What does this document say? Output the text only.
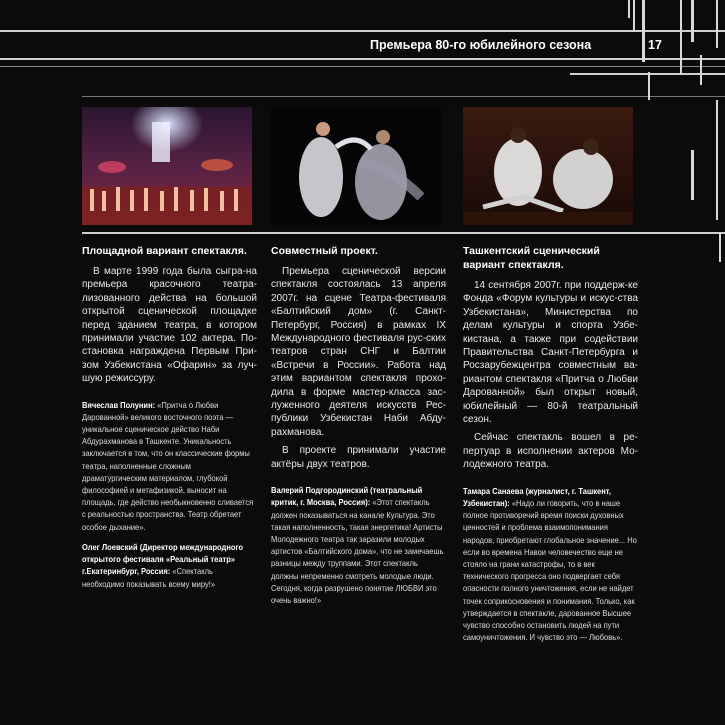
Премьера 80-го юбилейного сезона	17
Площадной вариант спектакля.

В марте 1999 года была сыгра-на премьера красочного театра-лизованного действа на большой открытой сценической площадке перед зданием театра, в котором принимали участие 102 актера. По-становка награждена Первым При-зом Узбекистана «Офарин» за луч-шую режиссуру.

Вячеслав Полунин: «Притча о Любви Дарованной» великого восточного поэта — уникальное сценическое действо Наби Абдурахманова в Ташкенте. Уникальность заключается в том, что он классические формы театра, наполненные сложным драматургическим материалом, глубокой философией и метафизикой, выносит на площадь, где действо необыкновенно сливается с реальностью пространства. Театр обретает особое дыхание».

Олег Лоевский (Директор международного открытого фестиваля «Реальный театр» г.Екатеринбург, Россия: «Спектакль необходимо показывать всему миру!»

Совместный проект.

Премьера сценической версии спектакля состоялась 13 апреля 2007г. на сцене Театра-фестиваля «Балтийский дом» (г. Санкт-Петербург, Россия) в рамках IX Международного фестиваля рус-ских театров стран СНГ и Балтии «Встречи в России». Работа над этим вариантом спектакля прохо-дила в форме мастер-класса зас-луженного деятеля искусств Рес-публики Узбекистан Наби Абду-рахманова.

В проекте принимали участие актёры двух театров.

Валерий Подгородинский (театральный критик, г. Москва, Россия): «Этот спектакль должен показываться на канале Культура. Это такая наполненность, такая энергетика! Артисты Молодежного театра так заразили молодых артистов «Балтийского дома», что не замечаешь разницы между труппами. Этот спектакль должны непременно смотреть молодые люди. Сегодня, когда разрушено понятие ЛЮБВИ это очень важно!»

Ташкентский сценический вариант спектакля.

14 сентября 2007г. при поддерж-ке Фонда «Форум культуры и искус-ства Узбекистана», Министерства по делам культуры и спорта Узбе-кистана, а также при содействии Правительства Санкт-Петербурга и Росзарубежцентра совместным ва-риантом спектакля «Притча о Любви Дарованной» был открыт новый, юбилейный — 80-й театральный сезон.

Сейчас спектакль вошел в ре-пертуар в исполнении актеров Мо-лодежного театра.

Тамара Санаева (журналист, г. Ташкент, Узбекистан): «Надо ли говорить, что в наше полное противоречий время поиски духовных ценностей и проблема взаимопонимания народов, приобретают глобальное значение... Но если во времена Навои человечество еще не стояло на грани катастрофы, то в век технического прогресса оно подвергает себя опасности полного уничтожения, если не найдет точек соприкосновения и понимания. Только, как утверждается в спектакле, дарованное Высшее чувство способно остановить людей на пути самоуничтожения. И чувство это — Любовь».
